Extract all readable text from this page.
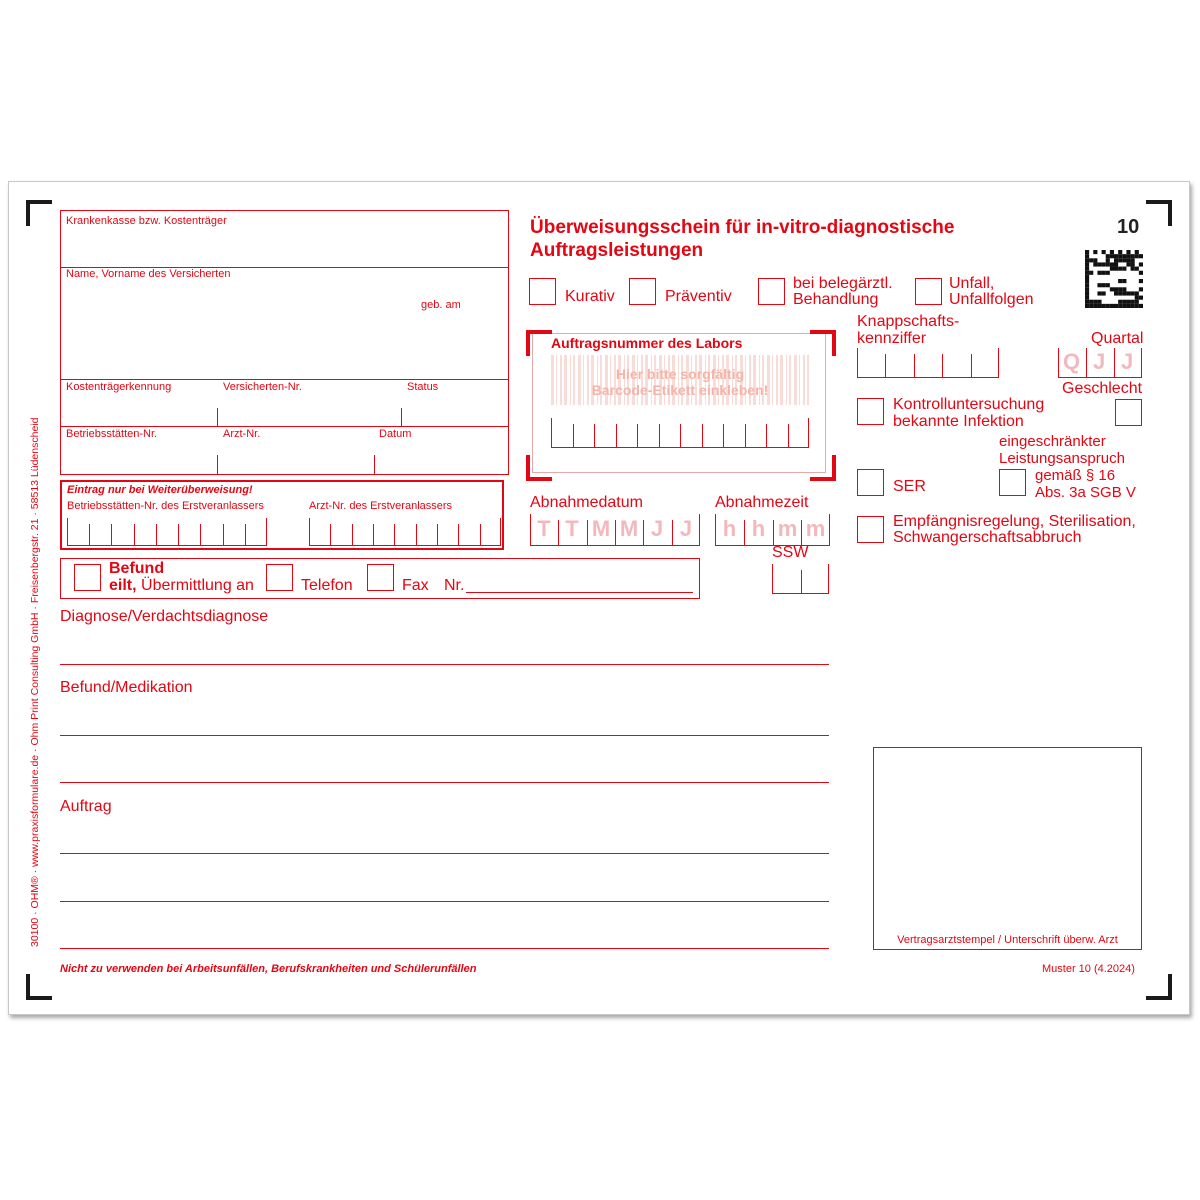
30100 · OHM® · www.praxisformulare.de · Ohm Print Consulting GmbH · Freisenbergstr. 21 · 58513 Lüdenscheid
Krankenkasse bzw. Kostenträger
Name, Vorname des Versicherten
geb. am
Kostenträgerkennung	Versicherten-Nr.	Status
Betriebsstätten-Nr.	Arzt-Nr.	Datum
Eintrag nur bei Weiterüberweisung!
Betriebsstätten-Nr. des Erstveranlassers	Arzt-Nr. des Erstveranlassers
Befund
eilt, Übermittlung an	Telefon	Fax Nr.
Überweisungsschein für in-vitro-diagnostische
Auftragsleistungen
10
Kurativ	Präventiv
bei belegärztl.
Behandlung
Unfall,
Unfallfolgen
Auftragsnummer des Labors
Hier bitte sorgfältig
Barcode-Etikett einkleben!
Abnahmedatum
T T M M J J
Abnahmezeit
h h m m
SSW
Knappschafts-
kennziffer	Quartal
Q J J
Geschlecht
Kontrolluntersuchung
bekannte Infektion
eingeschränkter
Leistungsanspruch
gemäß § 16
Abs. 3a SGB V
SER
Empfängnisregelung, Sterilisation,
Schwangerschaftsabbruch
Diagnose/Verdachtsdiagnose
Befund/Medikation
Auftrag
Vertragsarztstempel / Unterschrift überw. Arzt
Nicht zu verwenden bei Arbeitsunfällen, Berufskrankheiten und Schülerunfällen	Muster 10 (4.2024)
